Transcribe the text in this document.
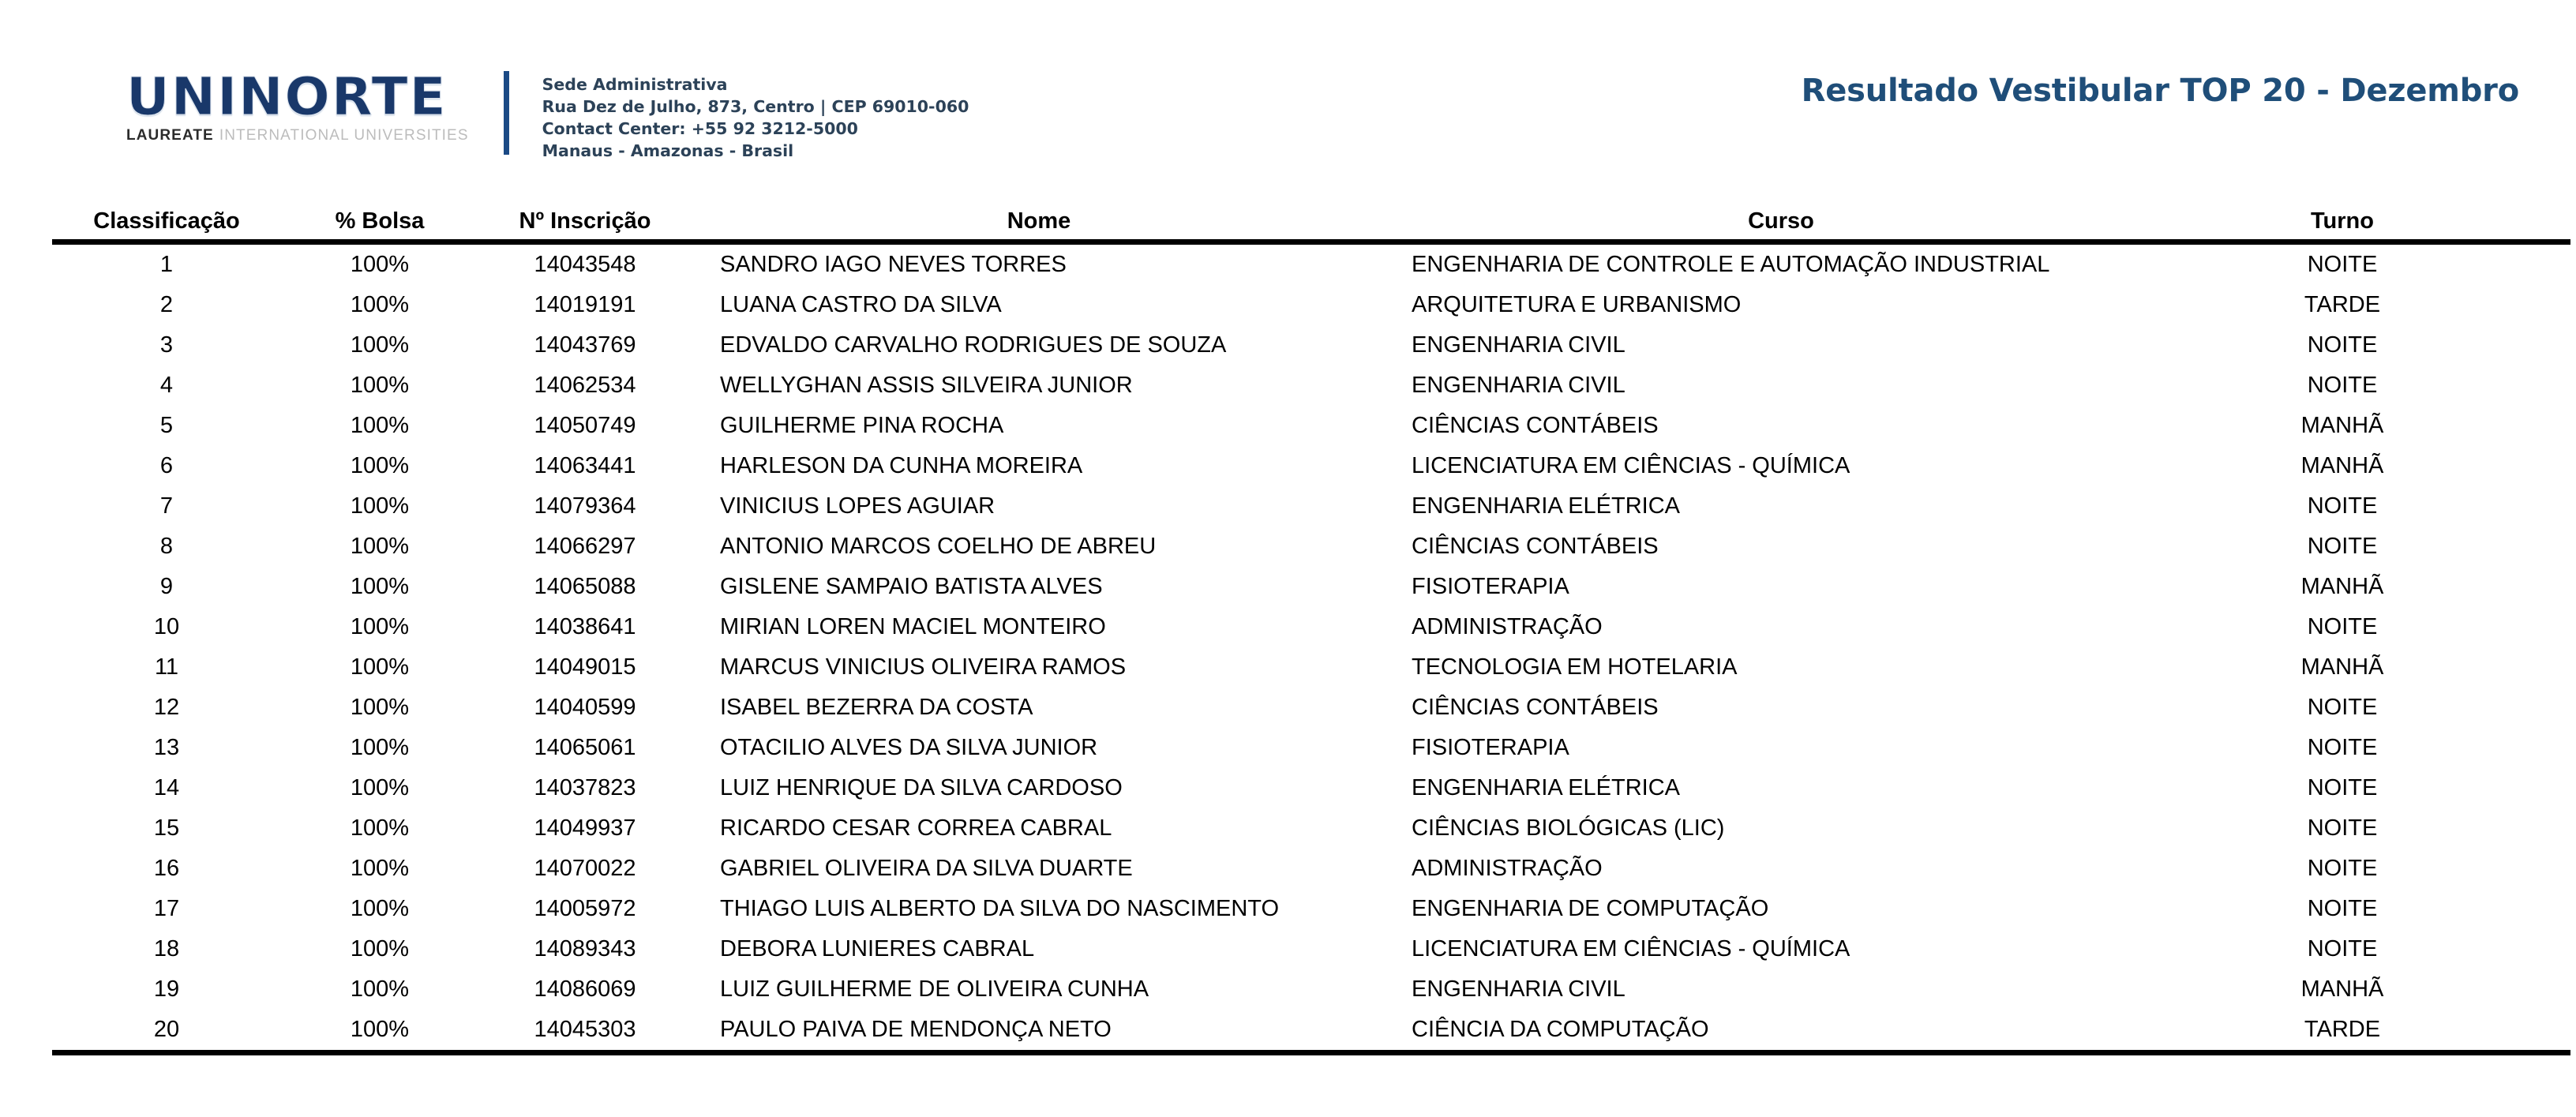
UNINORTE
LAUREATE INTERNATIONAL UNIVERSITIES
Sede Administrativa
Rua Dez de Julho, 873, Centro | CEP 69010-060
Contact Center: +55 92 3212-5000
Manaus - Amazonas - Brasil
Resultado Vestibular TOP 20 - Dezembro
	Classificação	% Bolsa	Nº Inscrição	Nome	Curso	Turno	
	1	100%	14043548	SANDRO IAGO NEVES TORRES	ENGENHARIA DE CONTROLE E AUTOMAÇÃO INDUSTRIAL	NOITE	
	2	100%	14019191	LUANA CASTRO DA SILVA	ARQUITETURA E URBANISMO	TARDE	
	3	100%	14043769	EDVALDO CARVALHO RODRIGUES DE SOUZA	ENGENHARIA CIVIL	NOITE	
	4	100%	14062534	WELLYGHAN ASSIS SILVEIRA JUNIOR	ENGENHARIA CIVIL	NOITE	
	5	100%	14050749	GUILHERME PINA ROCHA	CIÊNCIAS CONTÁBEIS	MANHÃ	
	6	100%	14063441	HARLESON DA CUNHA MOREIRA	LICENCIATURA EM CIÊNCIAS - QUÍMICA	MANHÃ	
	7	100%	14079364	VINICIUS LOPES AGUIAR	ENGENHARIA ELÉTRICA	NOITE	
	8	100%	14066297	ANTONIO MARCOS COELHO DE ABREU	CIÊNCIAS CONTÁBEIS	NOITE	
	9	100%	14065088	GISLENE SAMPAIO BATISTA ALVES	FISIOTERAPIA	MANHÃ	
	10	100%	14038641	MIRIAN LOREN MACIEL MONTEIRO	ADMINISTRAÇÃO	NOITE	
	11	100%	14049015	MARCUS VINICIUS OLIVEIRA RAMOS	TECNOLOGIA EM HOTELARIA	MANHÃ	
	12	100%	14040599	ISABEL BEZERRA DA COSTA	CIÊNCIAS CONTÁBEIS	NOITE	
	13	100%	14065061	OTACILIO ALVES DA SILVA JUNIOR	FISIOTERAPIA	NOITE	
	14	100%	14037823	LUIZ HENRIQUE DA SILVA CARDOSO	ENGENHARIA ELÉTRICA	NOITE	
	15	100%	14049937	RICARDO CESAR CORREA CABRAL	CIÊNCIAS BIOLÓGICAS (LIC)	NOITE	
	16	100%	14070022	GABRIEL OLIVEIRA DA SILVA DUARTE	ADMINISTRAÇÃO	NOITE	
	17	100%	14005972	THIAGO LUIS ALBERTO DA SILVA DO NASCIMENTO	ENGENHARIA DE COMPUTAÇÃO	NOITE	
	18	100%	14089343	DEBORA LUNIERES CABRAL	LICENCIATURA EM CIÊNCIAS - QUÍMICA	NOITE	
	19	100%	14086069	LUIZ GUILHERME DE OLIVEIRA CUNHA	ENGENHARIA CIVIL	MANHÃ	
	20	100%	14045303	PAULO PAIVA DE MENDONÇA NETO	CIÊNCIA DA COMPUTAÇÃO	TARDE	
